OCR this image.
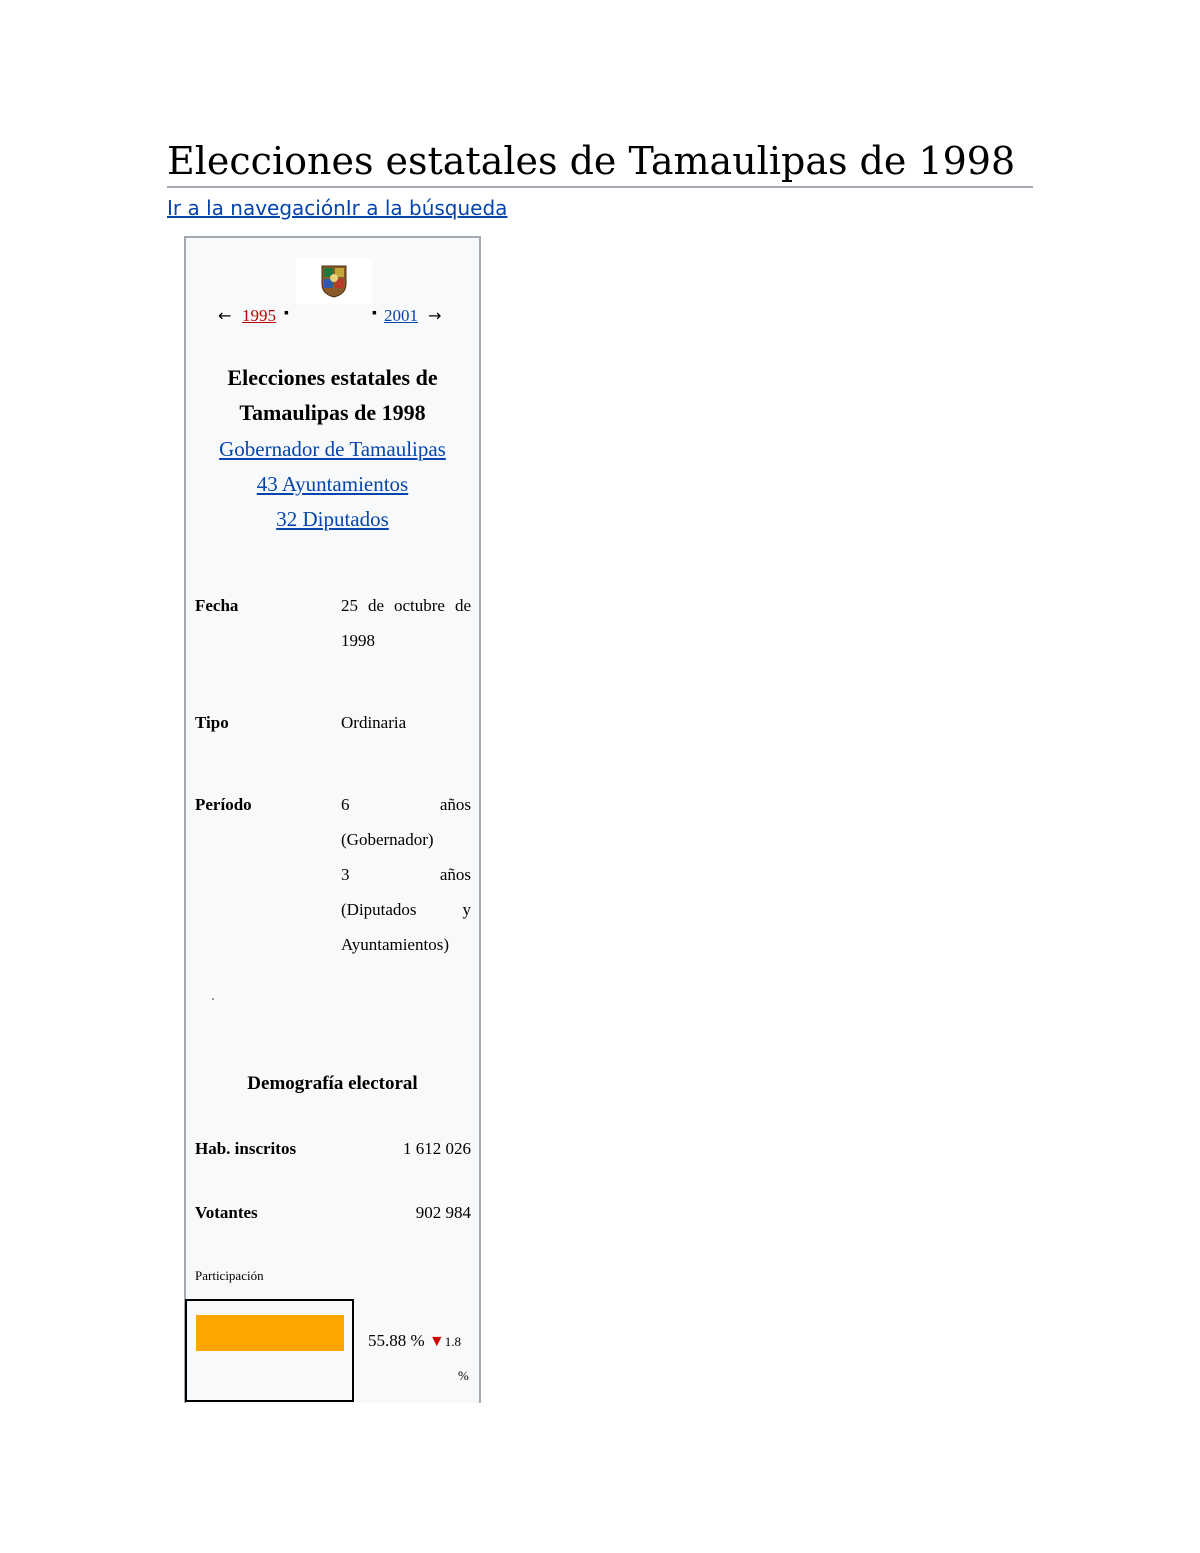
Elecciones estatales de Tamaulipas de 1998
Ir a la navegaciónIr a la búsqueda
← 1995 ▪	▪ 2001 →
Elecciones estatales de
Tamaulipas de 1998
Gobernador de Tamaulipas
43 Ayuntamientos
32 Diputados
Fecha	25 de octubre de
1998
Tipo	Ordinaria
Período	6 años
(Gobernador)
3 años
(Diputados y
Ayuntamientos)
Demografía electoral
Hab. inscritos	1 612 026
Votantes	902 984
Participación
55.88 % ▼1.8
%
